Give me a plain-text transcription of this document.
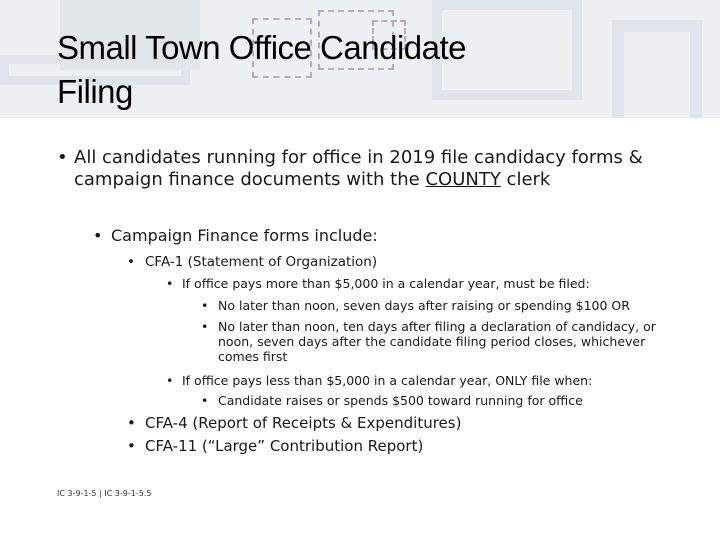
Small Town Office Candidate
Filing
• All candidates running for office in 2019 file candidacy forms & campaign finance documents with the COUNTY clerk
• Campaign Finance forms include:
• CFA-1 (Statement of Organization)
• If office pays more than $5,000 in a calendar year, must be filed:
• No later than noon, seven days after raising or spending $100 OR
• No later than noon, ten days after filing a declaration of candidacy, or noon, seven days after the candidate filing period closes, whichever comes first
• If office pays less than $5,000 in a calendar year, ONLY file when:
• Candidate raises or spends $500 toward running for office
• CFA-4 (Report of Receipts & Expenditures)
• CFA-11 (“Large” Contribution Report)
IC 3-9-1-5 | IC 3-9-1-5.5
